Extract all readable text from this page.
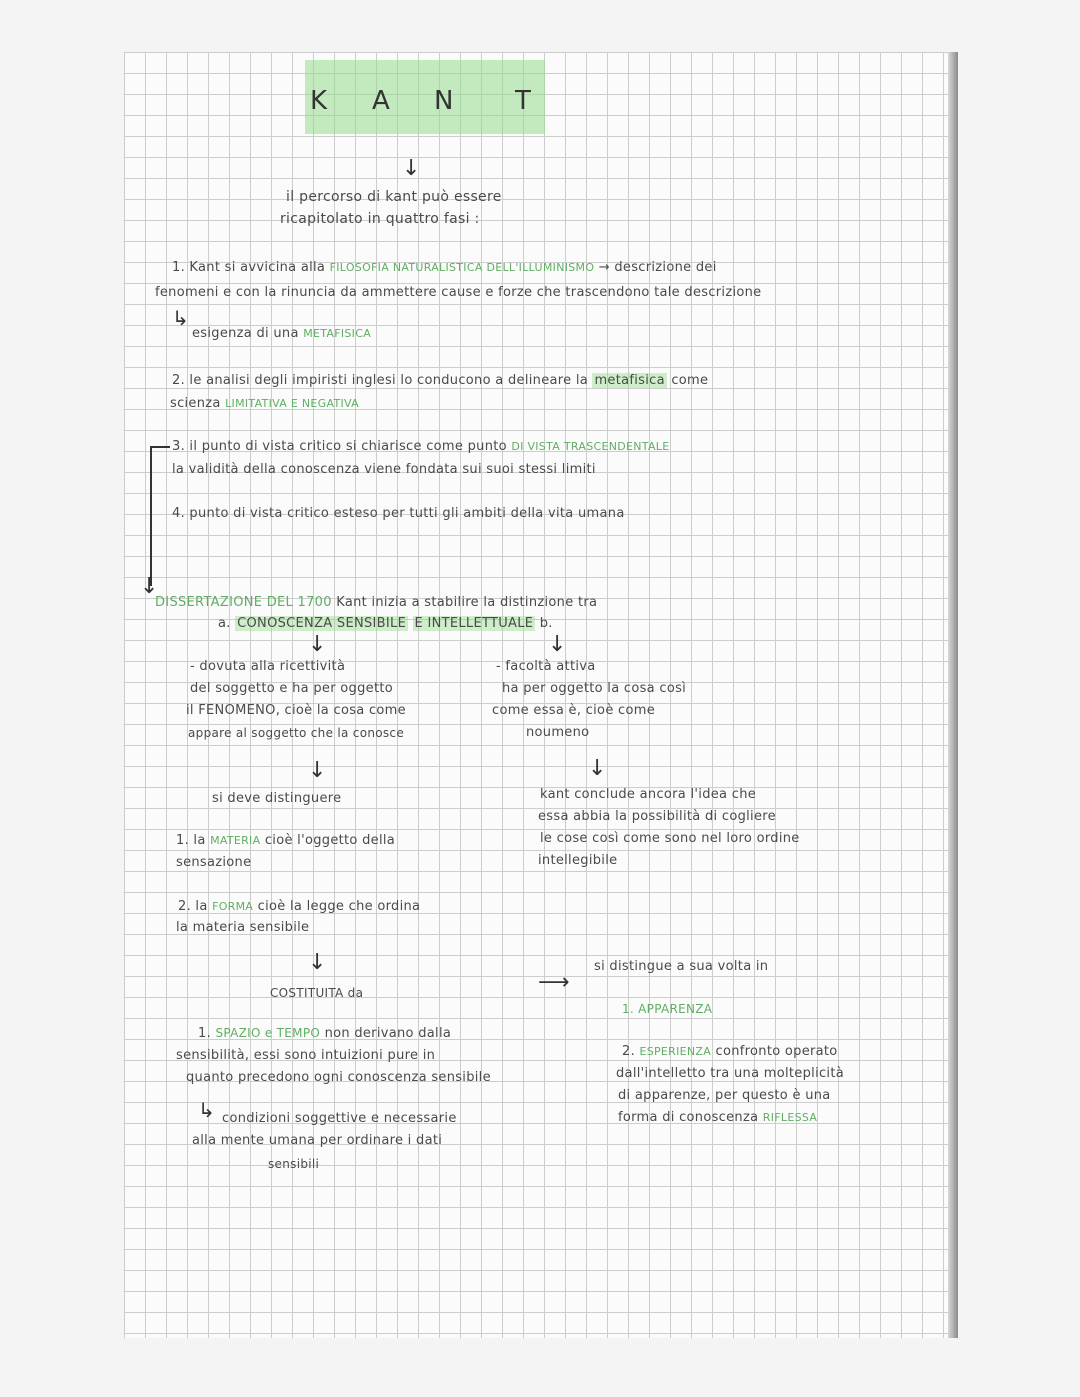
K A N T
↓
il percorso di kant può essere
ricapitolato in quattro fasi :
1. Kant si avvicina alla FILOSOFIA NATURALISTICA DELL'ILLUMINISMO → descrizione dei
fenomeni e con la rinuncia da ammettere cause e forze che trascendono tale descrizione
↳
esigenza di una METAFISICA
2. le analisi degli impiristi inglesi lo conducono a delineare la metafisica come
scienza LIMITATIVA E NEGATIVA
↓
3. il punto di vista critico si chiarisce come punto DI VISTA TRASCENDENTALE
la validità della conoscenza viene fondata sui suoi stessi limiti
4. punto di vista critico esteso per tutti gli ambiti della vita umana
DISSERTAZIONE DEL 1700 Kant inizia a stabilire la distinzione tra
a. CONOSCENZA SENSIBILE E INTELLETTUALE b.
↓	↓
- dovuta alla ricettività
del soggetto e ha per oggetto
il FENOMENO, cioè la cosa come
appare al soggetto che la conosce
↓
si deve distinguere
1. la MATERIA cioè l'oggetto della
sensazione
2. la FORMA cioè la legge che ordina
la materia sensibile
↓
COSTITUITA da
1. SPAZIO e TEMPO non derivano dalla
sensibilità, essi sono intuizioni pure in
quanto precedono ogni conoscenza sensibile
↳ condizioni soggettive e necessarie
alla mente umana per ordinare i dati
sensibili
- facoltà attiva
ha per oggetto la cosa così
come essa è, cioè come
noumeno
↓
kant conclude ancora l'idea che
essa abbia la possibilità di cogliere
le cose così come sono nel loro ordine
intellegibile
⟶
si distingue a sua volta in
1. APPARENZA
2. ESPERIENZA confronto operato
dall'intelletto tra una molteplicità
di apparenze, per questo è una
forma di conoscenza RIFLESSA
